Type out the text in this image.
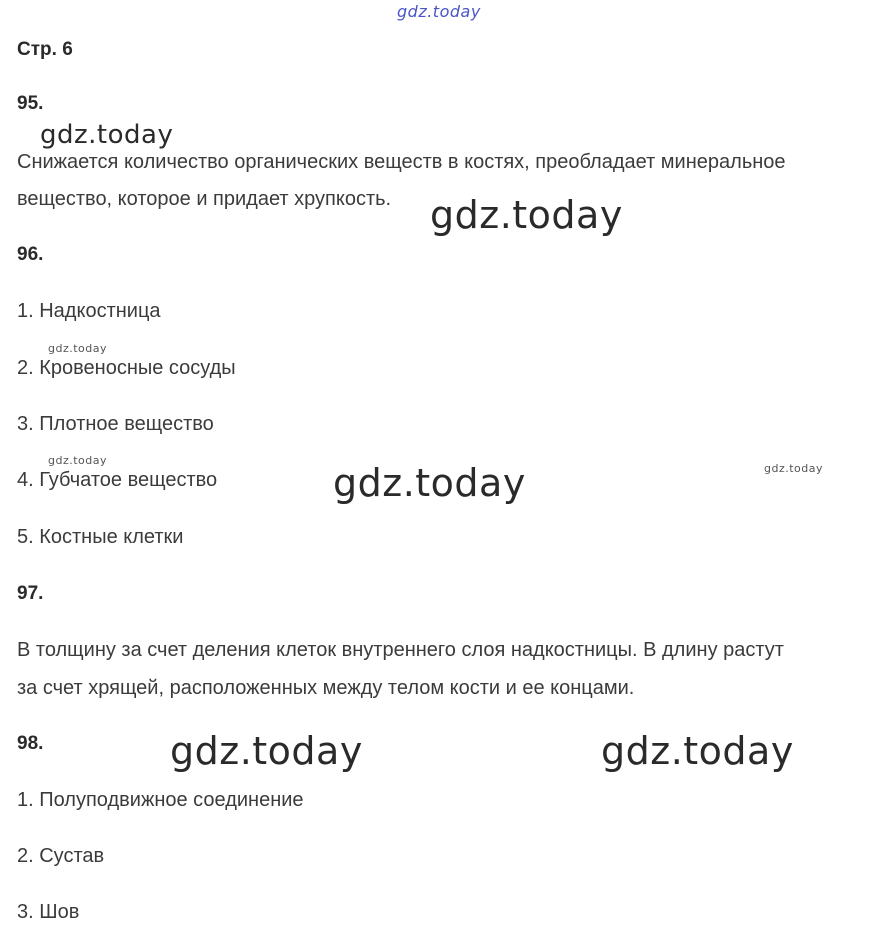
gdz.today
gdz.today
gdz.today
gdz.today
gdz.today
gdz.today	gdz.today
gdz.today	gdz.today
Стр. 6
95.
Снижается количество органических веществ в костях, преобладает минеральное
вещество, которое и придает хрупкость.
96.
1. Надкостница
2. Кровеносные сосуды
3. Плотное вещество
4. Губчатое вещество
5. Костные клетки
97.
В толщину за счет деления клеток внутреннего слоя надкостницы. В длину растут
за счет хрящей, расположенных между телом кости и ее концами.
98.
1. Полуподвижное соединение
2. Сустав
3. Шов
